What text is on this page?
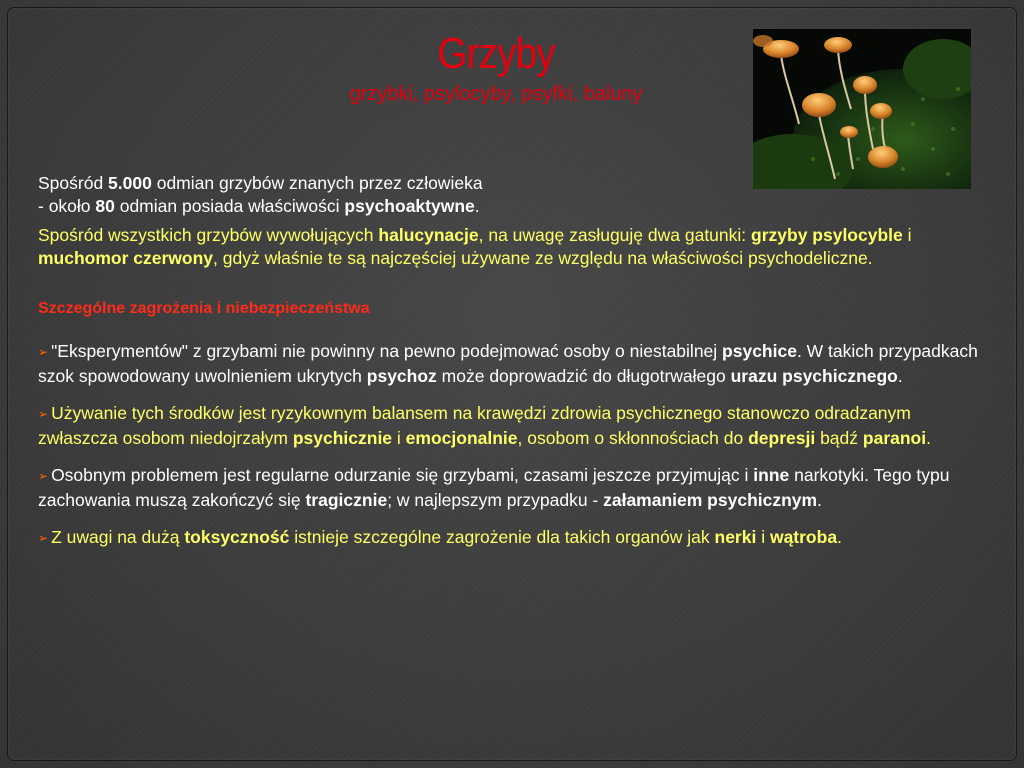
Grzyby
grzybki, psylocyby, psyfki, baluny

Spośród 5.000 odmian grzybów znanych przez człowieka
- około 80 odmian posiada właściwości psychoaktywne.

Spośród wszystkich grzybów wywołujących halucynacje, na uwagę zasługuję dwa gatunki: grzyby psylocyble i muchomor czerwony, gdyż właśnie te są najczęściej używane ze względu na właściwości psychodeliczne.

Szczególne zagrożenia i niebezpieczeństwa

➢ "Eksperymentów" z grzybami nie powinny na pewno podejmować osoby o niestabilnej psychice. W takich przypadkach szok spowodowany uwolnieniem ukrytych psychoz może doprowadzić do długotrwałego urazu psychicznego.

➢ Używanie tych środków jest ryzykownym balansem na krawędzi zdrowia psychicznego stanowczo odradzanym zwłaszcza osobom niedojrzałym psychicznie i emocjonalnie, osobom o skłonnościach do depresji bądź paranoi.

➢ Osobnym problemem jest regularne odurzanie się grzybami, czasami jeszcze przyjmując i inne narkotyki. Tego typu zachowania muszą zakończyć się tragicznie; w najlepszym przypadku - załamaniem psychicznym.

➢ Z uwagi na dużą toksyczność istnieje szczególne zagrożenie dla takich organów jak nerki i wątroba.
